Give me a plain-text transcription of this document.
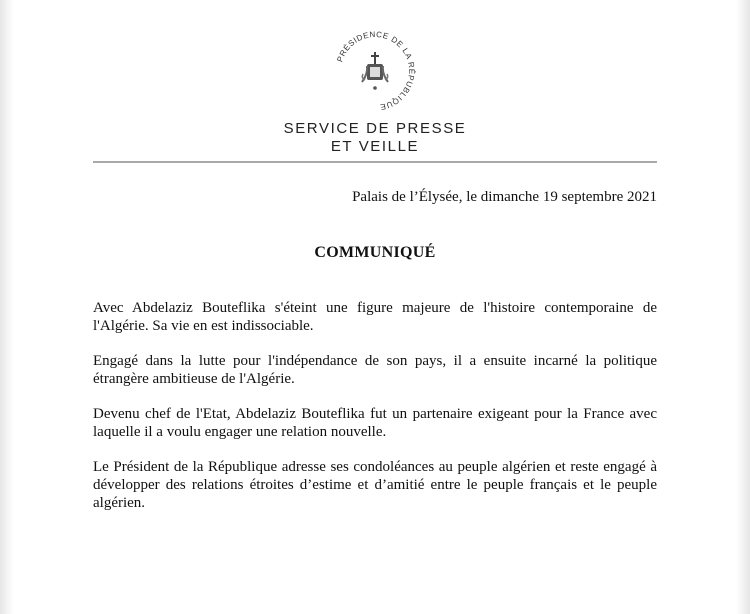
PRÉSIDENCE DE LA RÉPUBLIQUE
SERVICE DE PRESSE
ET VEILLE
Palais de l’Élysée, le dimanche 19 septembre 2021
COMMUNIQUÉ

Avec Abdelaziz Bouteflika s'éteint une figure majeure de l'histoire contemporaine de l'Algérie. Sa vie en est indissociable.

Engagé dans la lutte pour l'indépendance de son pays, il a ensuite incarné la politique étrangère ambitieuse de l'Algérie.

Devenu chef de l'Etat, Abdelaziz Bouteflika fut un partenaire exigeant pour la France avec laquelle il a voulu engager une relation nouvelle.

Le Président de la République adresse ses condoléances au peuple algérien et reste engagé à développer des relations étroites d’estime et d’amitié entre le peuple français et le peuple algérien.
